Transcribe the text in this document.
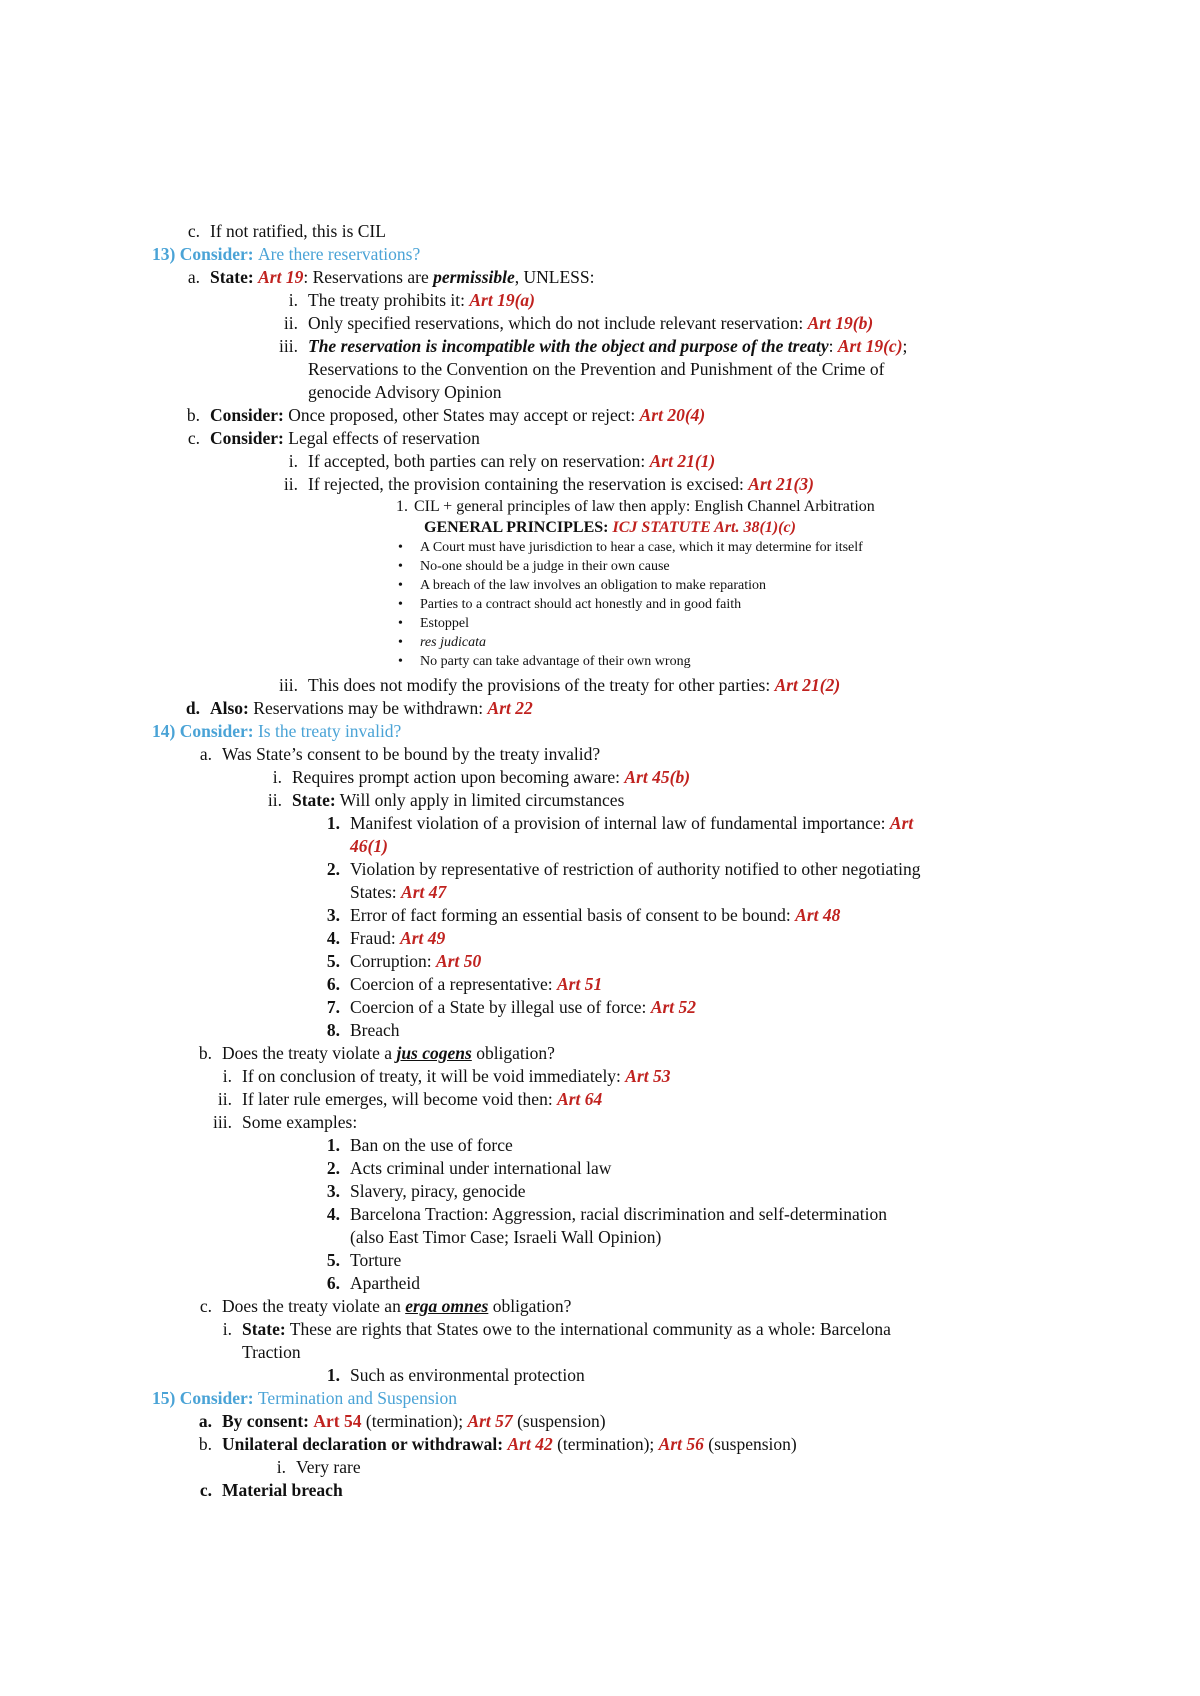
c. If not ratified, this is CIL
13) Consider: Are there reservations?
a. State: Art 19: Reservations are permissible, UNLESS:
i. The treaty prohibits it: Art 19(a)
ii. Only specified reservations, which do not include relevant reservation: Art 19(b)
iii. The reservation is incompatible with the object and purpose of the treaty: Art 19(c);
Reservations to the Convention on the Prevention and Punishment of the Crime of
genocide Advisory Opinion
b. Consider: Once proposed, other States may accept or reject: Art 20(4)
c. Consider: Legal effects of reservation
i. If accepted, both parties can rely on reservation: Art 21(1)
ii. If rejected, the provision containing the reservation is excised: Art 21(3)
1. CIL + general principles of law then apply: English Channel Arbitration
GENERAL PRINCIPLES: ICJ STATUTE Art. 38(1)(c)
• A Court must have jurisdiction to hear a case, which it may determine for itself
• No-one should be a judge in their own cause
• A breach of the law involves an obligation to make reparation
• Parties to a contract should act honestly and in good faith
• Estoppel
• res judicata
• No party can take advantage of their own wrong
iii. This does not modify the provisions of the treaty for other parties: Art 21(2)
d. Also: Reservations may be withdrawn: Art 22
14) Consider: Is the treaty invalid?
a. Was State’s consent to be bound by the treaty invalid?
i. Requires prompt action upon becoming aware: Art 45(b)
ii. State: Will only apply in limited circumstances
1. Manifest violation of a provision of internal law of fundamental importance: Art
46(1)
2. Violation by representative of restriction of authority notified to other negotiating
States: Art 47
3. Error of fact forming an essential basis of consent to be bound: Art 48
4. Fraud: Art 49
5. Corruption: Art 50
6. Coercion of a representative: Art 51
7. Coercion of a State by illegal use of force: Art 52
8. Breach
b. Does the treaty violate a jus cogens obligation?
i. If on conclusion of treaty, it will be void immediately: Art 53
ii. If later rule emerges, will become void then: Art 64
iii. Some examples:
1. Ban on the use of force
2. Acts criminal under international law
3. Slavery, piracy, genocide
4. Barcelona Traction: Aggression, racial discrimination and self-determination
(also East Timor Case; Israeli Wall Opinion)
5. Torture
6. Apartheid
c. Does the treaty violate an erga omnes obligation?
i. State: These are rights that States owe to the international community as a whole: Barcelona
Traction
1. Such as environmental protection
15) Consider: Termination and Suspension
a. By consent: Art 54 (termination); Art 57 (suspension)
b. Unilateral declaration or withdrawal: Art 42 (termination); Art 56 (suspension)
i. Very rare
c. Material breach
